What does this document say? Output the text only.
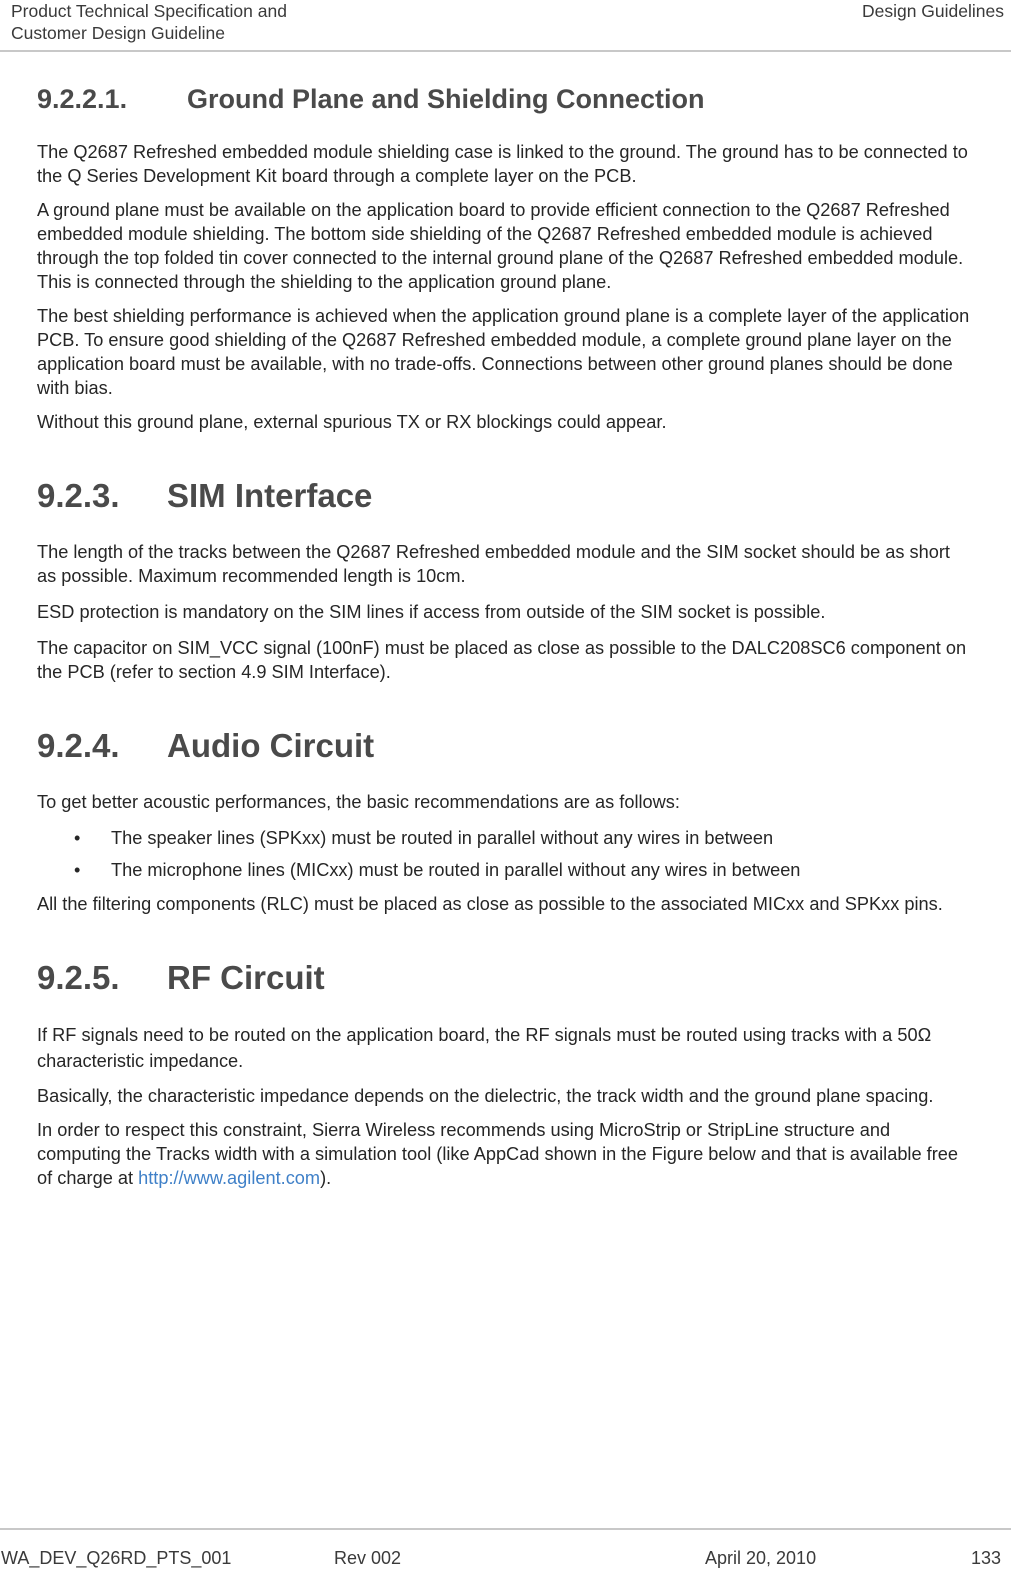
Product Technical Specification and
Customer Design Guideline
Design Guidelines
9.2.2.1. Ground Plane and Shielding Connection

The Q2687 Refreshed embedded module shielding case is linked to the ground. The ground has to be connected to the Q Series Development Kit board through a complete layer on the PCB.

A ground plane must be available on the application board to provide efficient connection to the Q2687 Refreshed embedded module shielding. The bottom side shielding of the Q2687 Refreshed embedded module is achieved through the top folded tin cover connected to the internal ground plane of the Q2687 Refreshed embedded module. This is connected through the shielding to the application ground plane.

The best shielding performance is achieved when the application ground plane is a complete layer of the application PCB. To ensure good shielding of the Q2687 Refreshed embedded module, a complete ground plane layer on the application board must be available, with no trade-offs. Connections between other ground planes should be done with bias.

Without this ground plane, external spurious TX or RX blockings could appear.

9.2.3. SIM Interface

The length of the tracks between the Q2687 Refreshed embedded module and the SIM socket should be as short as possible. Maximum recommended length is 10cm.

ESD protection is mandatory on the SIM lines if access from outside of the SIM socket is possible.

The capacitor on SIM_VCC signal (100nF) must be placed as close as possible to the DALC208SC6 component on the PCB (refer to section 4.9 SIM Interface).

9.2.4. Audio Circuit

To get better acoustic performances, the basic recommendations are as follows:

• The speaker lines (SPKxx) must be routed in parallel without any wires in between
• The microphone lines (MICxx) must be routed in parallel without any wires in between

All the filtering components (RLC) must be placed as close as possible to the associated MICxx and SPKxx pins.

9.2.5. RF Circuit

If RF signals need to be routed on the application board, the RF signals must be routed using tracks with a 50Ω characteristic impedance.

Basically, the characteristic impedance depends on the dielectric, the track width and the ground plane spacing.

In order to respect this constraint, Sierra Wireless recommends using MicroStrip or StripLine structure and computing the Tracks width with a simulation tool (like AppCad shown in the Figure below and that is available free of charge at http://www.agilent.com).

WA_DEV_Q26RD_PTS_001	Rev 002	April 20, 2010	133
